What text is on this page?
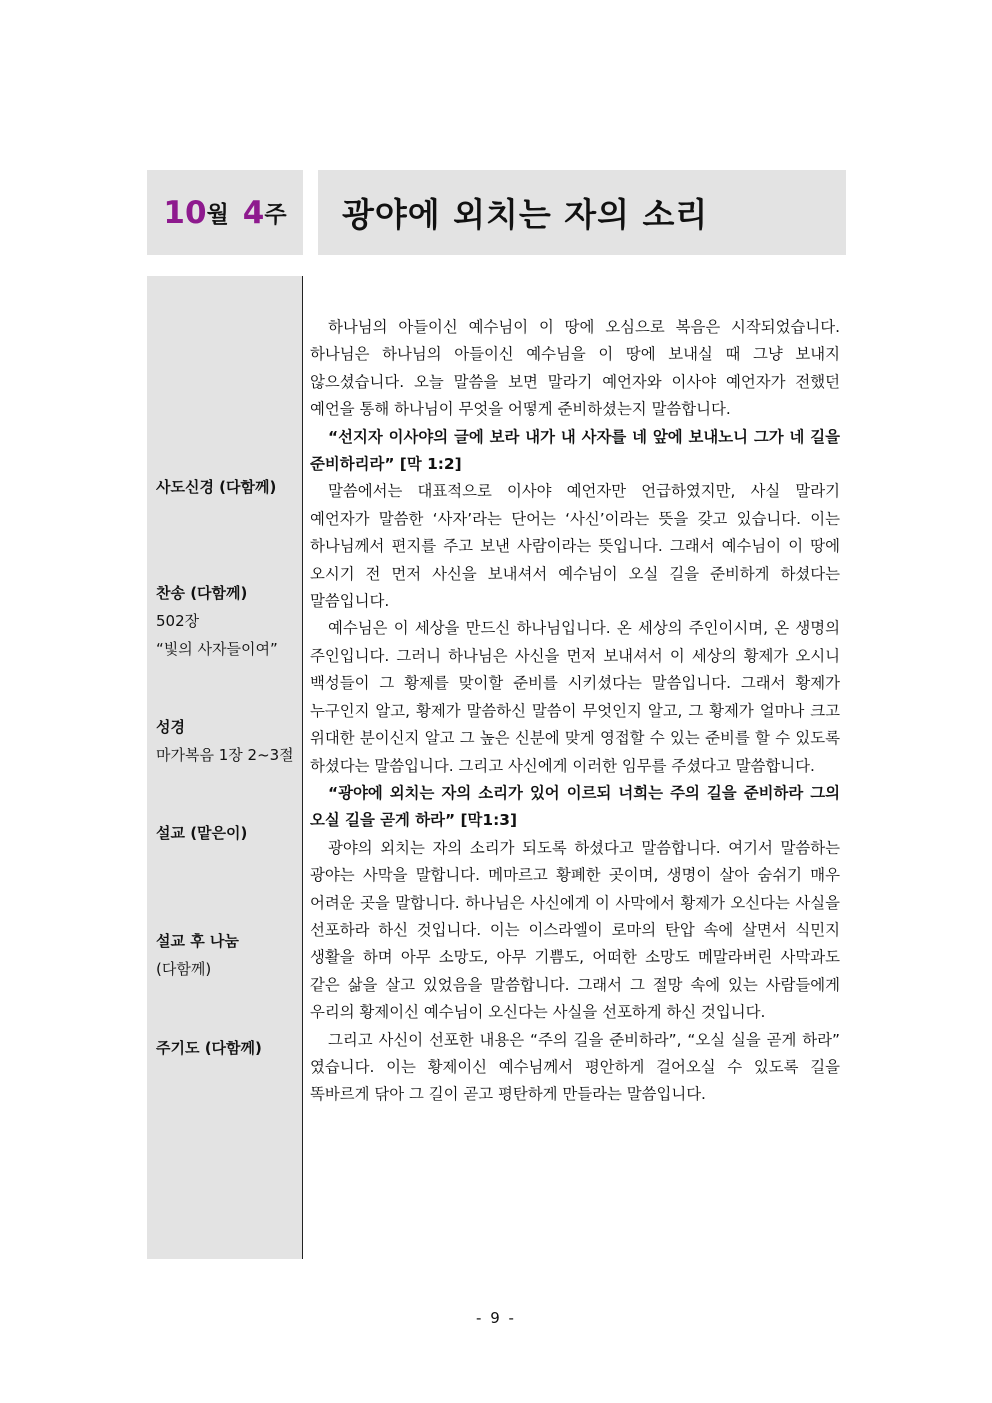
10 월 4 주 광야에 외치는 자의 소리
사도신경 (다함께)
찬송 (다함께)
502장
“빛의 사자들이여”
성경
마가복음 1장 2~3절
설교 (맡은이)
설교 후 나눔
(다함께)
주기도 (다함께)

하나님의 아들이신 예수님이 이 땅에 오심으로 복음은 시작되었습니다. 하나님은 하나님의 아들이신 예수님을 이 땅에 보내실 때 그냥 보내지 않으셨습니다. 오늘 말씀을 보면 말라기 예언자와 이사야 예언자가 전했던 예언을 통해 하나님이 무엇을 어떻게 준비하셨는지 말씀합니다.

“선지자 이사야의 글에 보라 내가 내 사자를 네 앞에 보내노니 그가 네 길을 준비하리라” [막 1:2]

말씀에서는 대표적으로 이사야 예언자만 언급하였지만, 사실 말라기 예언자가 말씀한 ‘사자’라는 단어는 ‘사신’이라는 뜻을 갖고 있습니다. 이는 하나님께서 편지를 주고 보낸 사람이라는 뜻입니다. 그래서 예수님이 이 땅에 오시기 전 먼저 사신을 보내셔서 예수님이 오실 길을 준비하게 하셨다는 말씀입니다.

예수님은 이 세상을 만드신 하나님입니다. 온 세상의 주인이시며, 온 생명의 주인입니다. 그러니 하나님은 사신을 먼저 보내셔서 이 세상의 황제가 오시니 백성들이 그 황제를 맞이할 준비를 시키셨다는 말씀입니다. 그래서 황제가 누구인지 알고, 황제가 말씀하신 말씀이 무엇인지 알고, 그 황제가 얼마나 크고 위대한 분이신지 알고 그 높은 신분에 맞게 영접할 수 있는 준비를 할 수 있도록 하셨다는 말씀입니다. 그리고 사신에게 이러한 임무를 주셨다고 말씀합니다.

“광야에 외치는 자의 소리가 있어 이르되 너희는 주의 길을 준비하라 그의 오실 길을 곧게 하라” [막1:3]

광야의 외치는 자의 소리가 되도록 하셨다고 말씀합니다. 여기서 말씀하는 광야는 사막을 말합니다. 메마르고 황폐한 곳이며, 생명이 살아 숨쉬기 매우 어려운 곳을 말합니다. 하나님은 사신에게 이 사막에서 황제가 오신다는 사실을 선포하라 하신 것입니다. 이는 이스라엘이 로마의 탄압 속에 살면서 식민지 생활을 하며 아무 소망도, 아무 기쁨도, 어떠한 소망도 메말라버린 사막과도 같은 삶을 살고 있었음을 말씀합니다. 그래서 그 절망 속에 있는 사람들에게 우리의 황제이신 예수님이 오신다는 사실을 선포하게 하신 것입니다.

그리고 사신이 선포한 내용은 “주의 길을 준비하라”, “오실 실을 곧게 하라” 였습니다. 이는 황제이신 예수님께서 평안하게 걸어오실 수 있도록 길을 똑바르게 닦아 그 길이 곧고 평탄하게 만들라는 말씀입니다.

- 9 -
